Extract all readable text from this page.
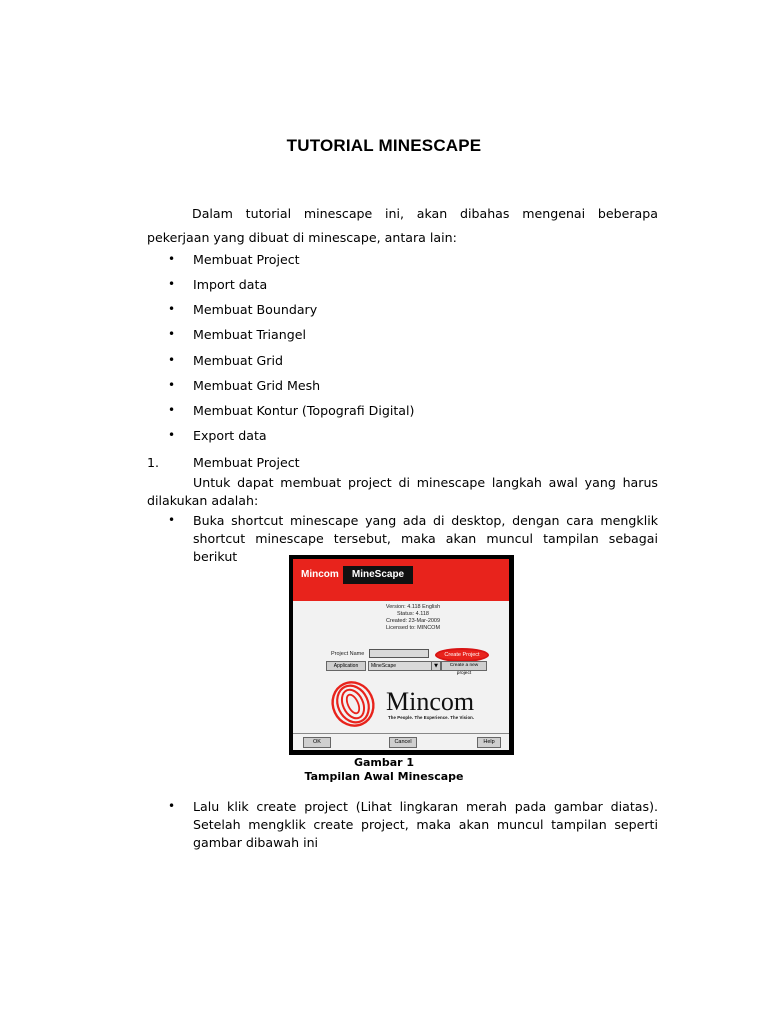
TUTORIAL MINESCAPE
Dalam tutorial minescape ini, akan dibahas mengenai beberapa pekerjaan yang dibuat di minescape, antara lain:
• Membuat Project
• Import data
• Membuat Boundary
• Membuat Triangel
• Membuat Grid
• Membuat Grid Mesh
• Membuat Kontur (Topografi Digital)
• Export data
1.	Membuat Project
Untuk dapat membuat project di minescape langkah awal yang harus dilakukan adalah:
• Buka shortcut minescape yang ada di desktop, dengan cara mengklik shortcut minescape tersebut, maka akan muncul tampilan sebagai berikut
Mincom	MineScape
Version: 4.118 English
Status: 4.118
Created: 23-Mar-2009
Licensed to: MINCOM
Project Name	Create Project
Application	MineScape	▼	Create a new project
Mincom
The People. The Experience. The Vision.
OK	Cancel	Help
Gambar 1
Tampilan Awal Minescape
• Lalu klik create project (Lihat lingkaran merah pada gambar diatas). Setelah mengklik create project, maka akan muncul tampilan seperti gambar dibawah ini
